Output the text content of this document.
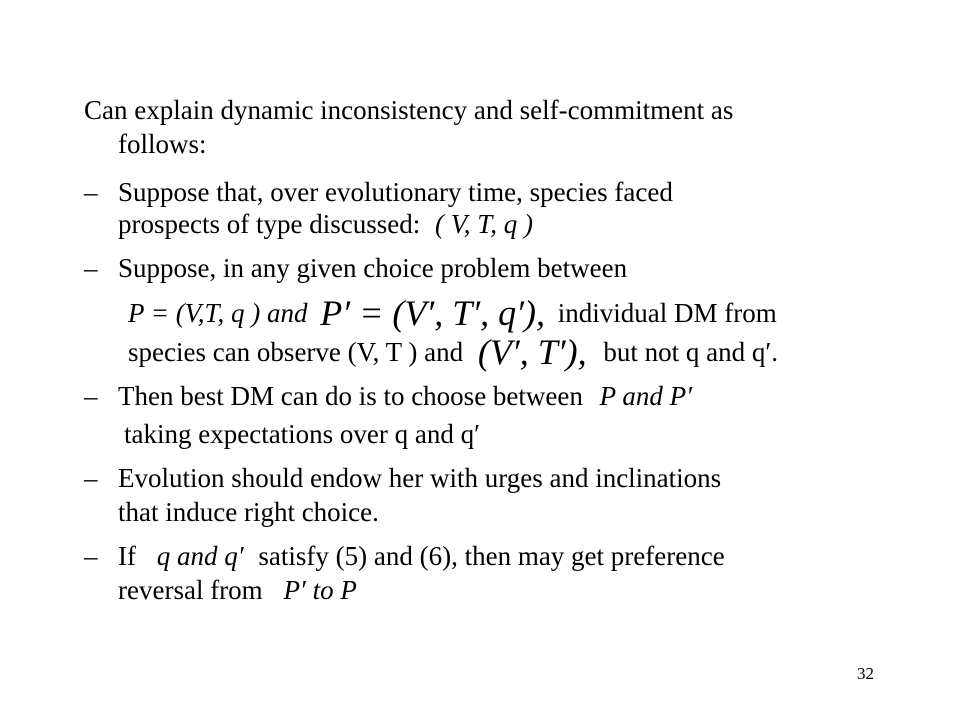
Can explain dynamic inconsistency and self-commitment as
follows:
– Suppose that, over evolutionary time, species faced
prospects of type discussed: ( V, T, q )
– Suppose, in any given choice problem between
P = (V,T, q ) and P′ = (V′, T′, q′), individual DM from
species can observe (V, T ) and (V′, T′), but not q and q′.
– Then best DM can do is to choose between P and P′
taking expectations over q and q′
– Evolution should endow her with urges and inclinations
that induce right choice.
– If q and q′ satisfy (5) and (6), then may get preference
reversal from P′ to P
32
